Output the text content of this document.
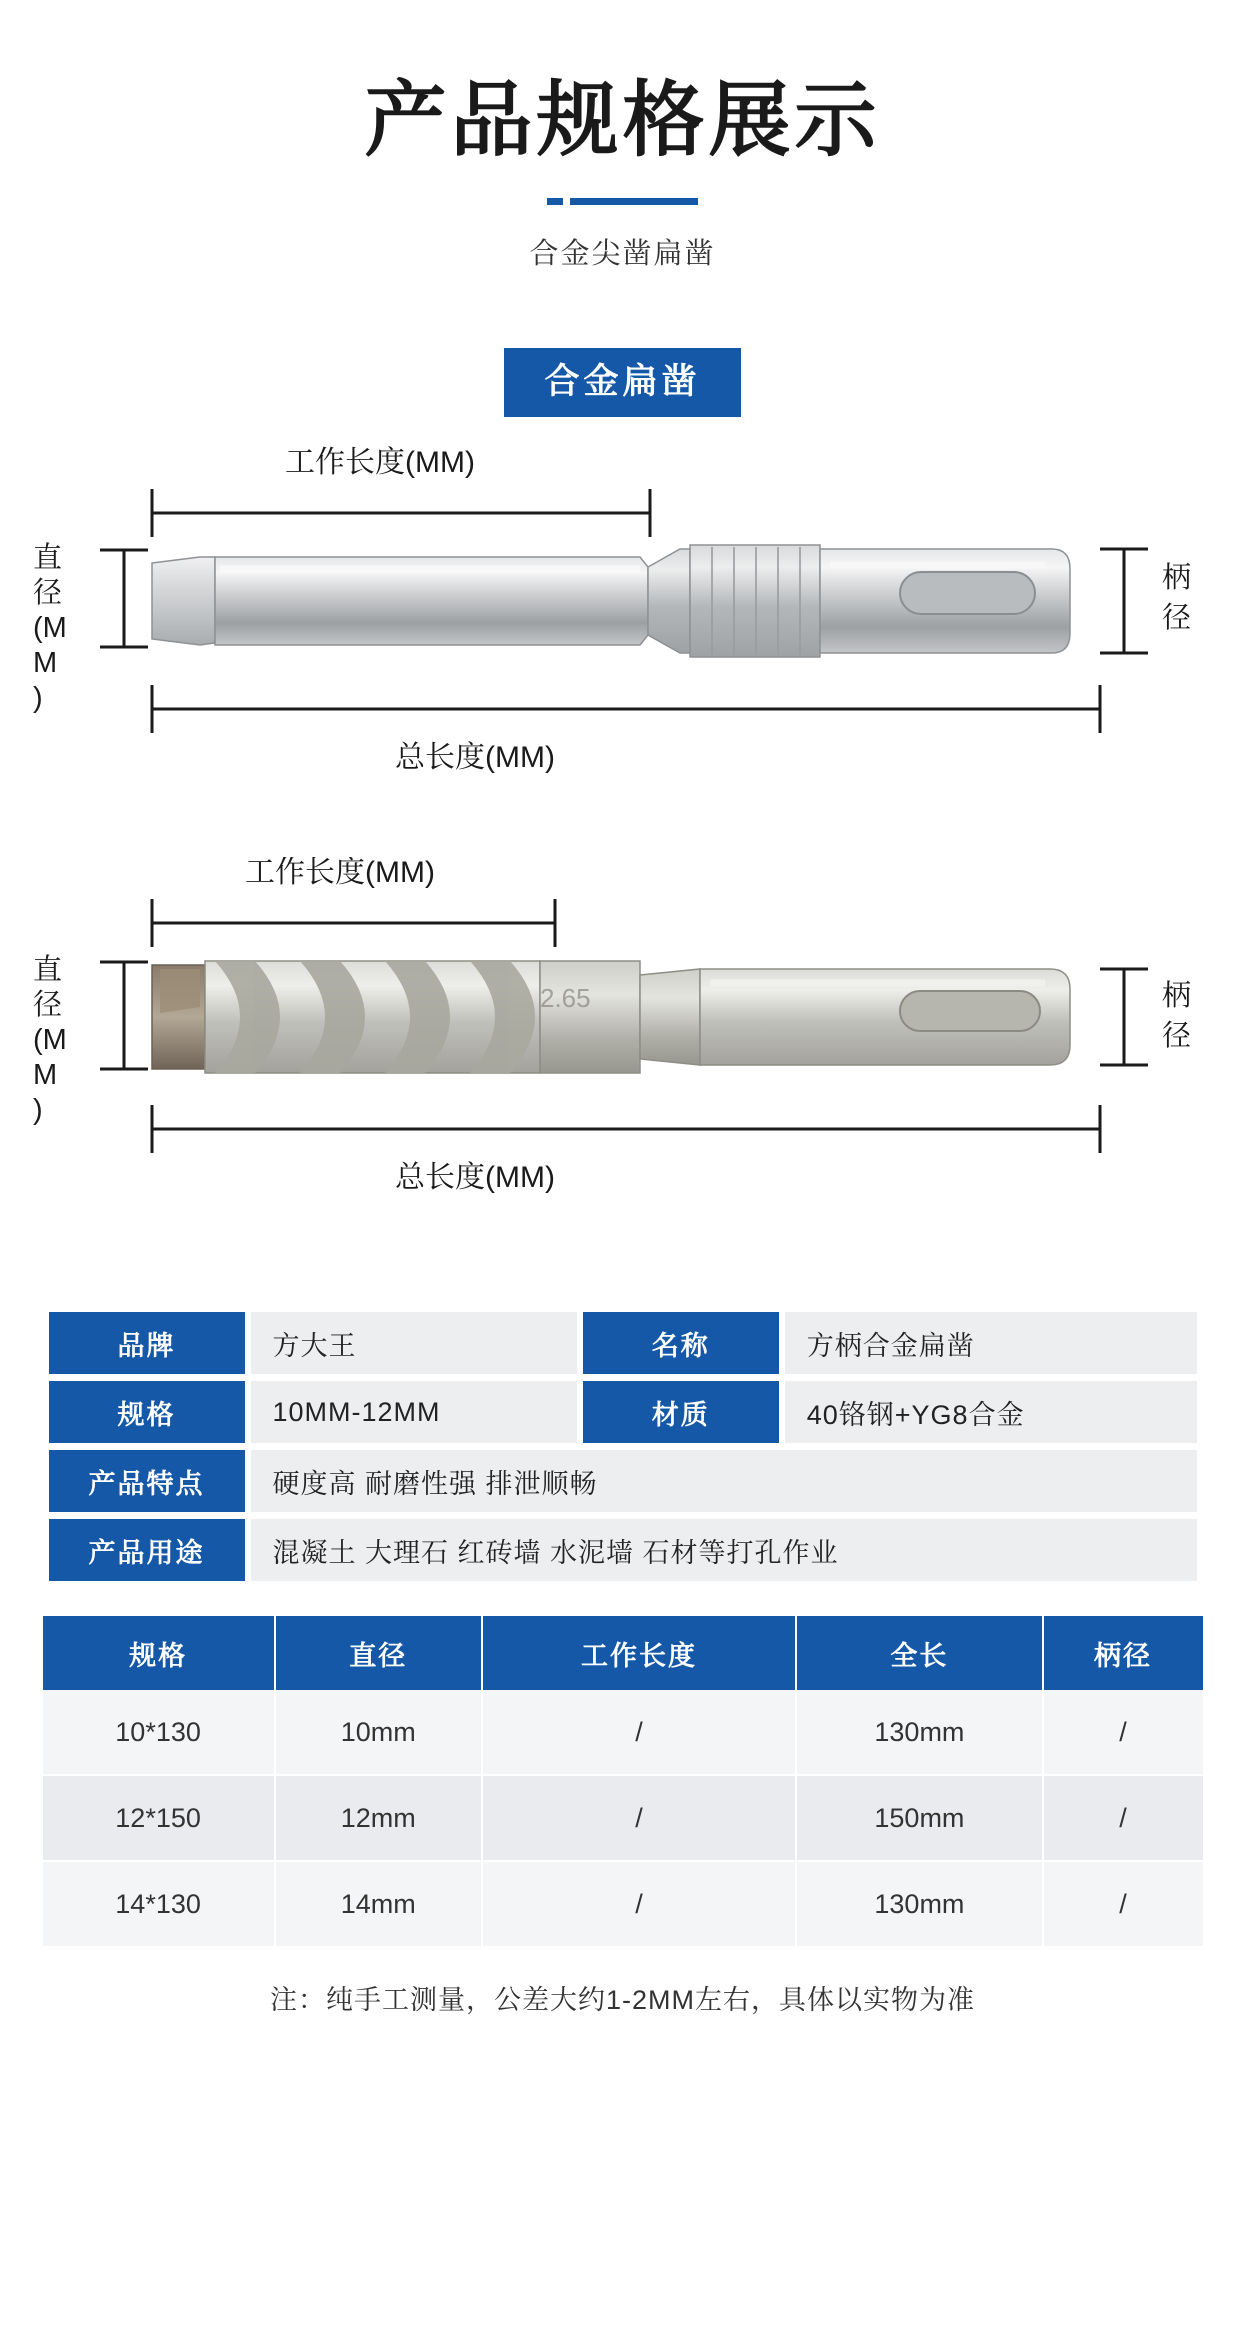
产品规格展示
合金尖凿扁凿
合金扁凿
工作长度(MM)
直
径
(M
M
)
柄
径
总长度(MM)
工作长度(MM)
直
径
(M
M
)
2.65	柄
径
总长度(MM)
品牌	方大王	名称	方柄合金扁凿
规格	10MM-12MM	材质	40铬钢+YG8合金
产品特点	硬度高 耐磨性强 排泄顺畅		
产品用途	混凝土 大理石 红砖墙 水泥墙 石材等打孔作业		
规格	直径	工作长度	全长	柄径
10*130	10mm	/	130mm	/
12*150	12mm	/	150mm	/
14*130	14mm	/	130mm	/
注：纯手工测量，公差大约1-2MM左右，具体以实物为准
